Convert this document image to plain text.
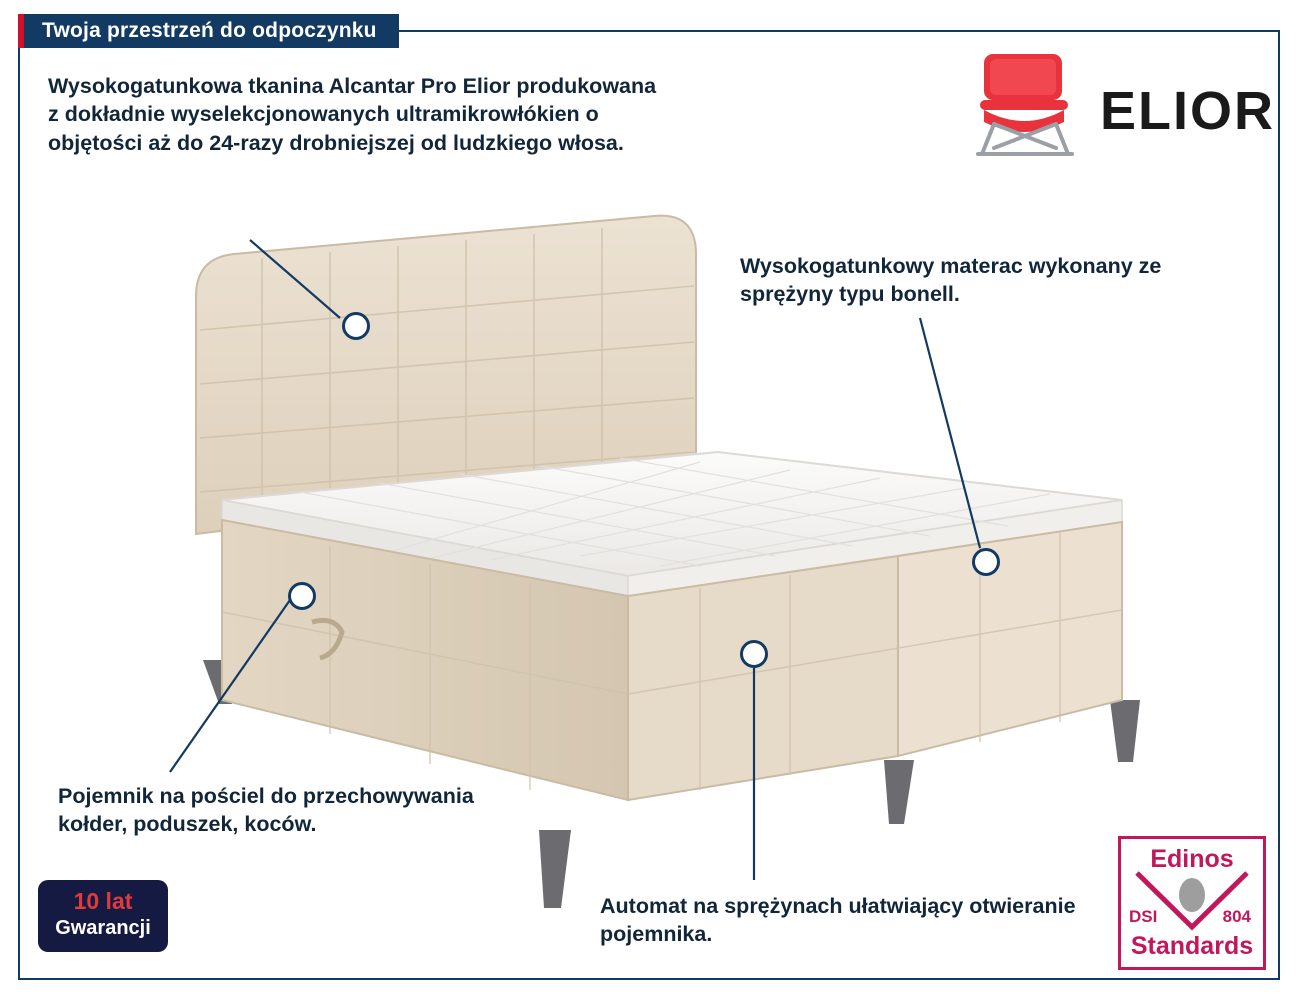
Twoja przestrzeń do odpoczynku
Wysokogatunkowa tkanina Alcantar Pro Elior produkowana z dokładnie wyselekcjonowanych ultramikrowłókien o objętości aż do 24-razy drobniejszej od ludzkiego włosa.
Wysokogatunkowy materac wykonany ze sprężyny typu bonell.
Pojemnik na pościel do przechowywania kołder, poduszek, koców.
Automat na sprężynach ułatwiający otwieranie pojemnika.
ELIOR
10 lat
Gwarancji
Edinos
DSI	804
Standards
